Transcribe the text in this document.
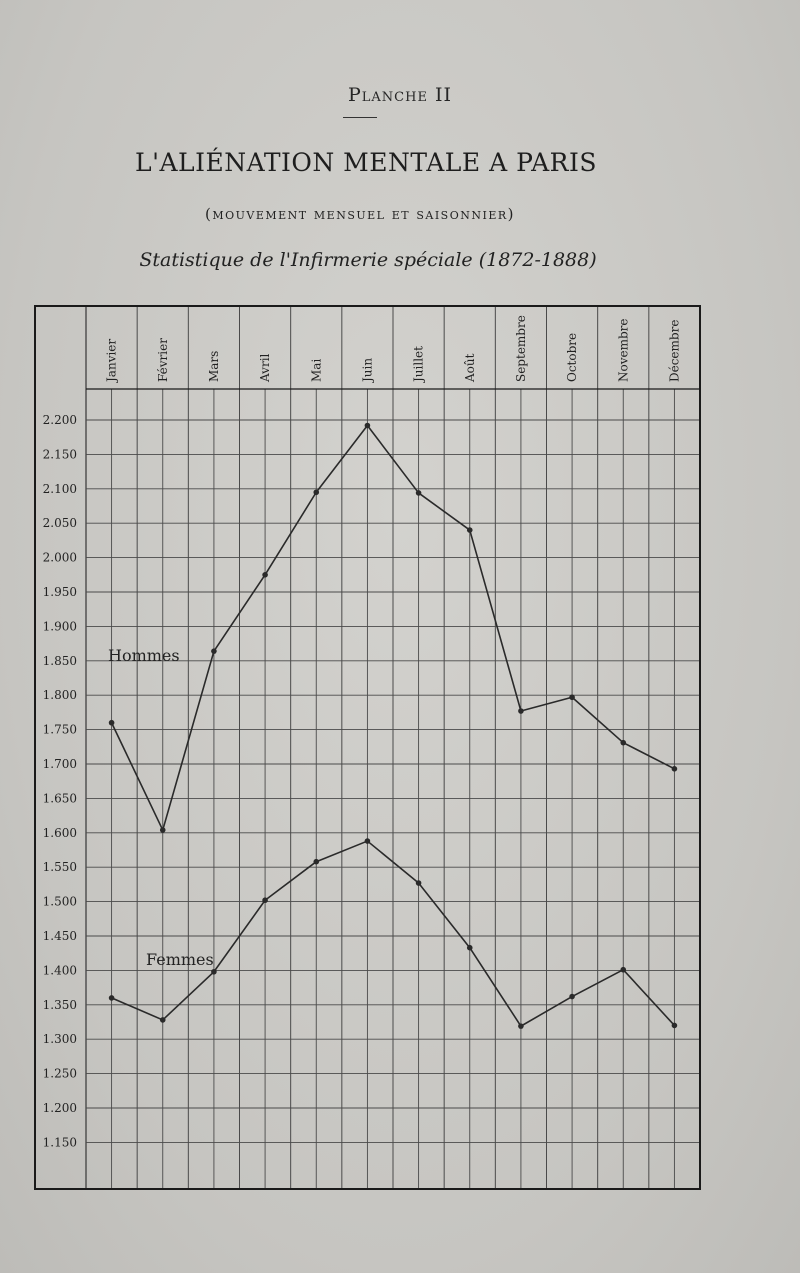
Planche II
L'ALIÉNATION MENTALE A PARIS
(mouvement mensuel et saisonnier)
Statistique de l'Infirmerie spéciale (1872-1888)
2.200
2.150
2.100
2.050
2.000
1.950
1.900
1.850
1.800
1.750
1.700
1.650
1.600
1.550
1.500
1.450
1.400
1.350
1.300
1.250
1.200
1.150
Janvier	Février	Mars	Avril	Mai	Juin	Juillet	Août	Septembre	Octobre	Novembre	Décembre
Hommes
Femmes
